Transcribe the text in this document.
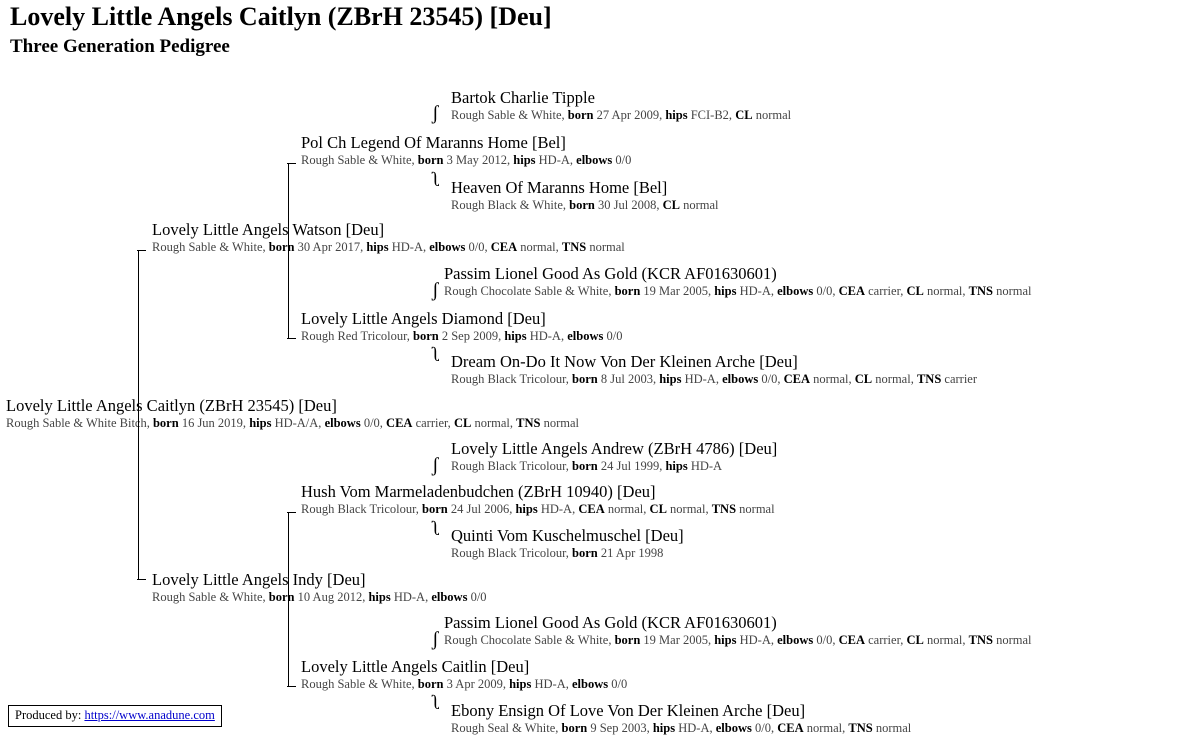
Lovely Little Angels Caitlyn (ZBrH 23545) [Deu]
Three Generation Pedigree
Bartok Charlie Tipple
Rough Sable & White, born 27 Apr 2009, hips FCI-B2, CL normal
Pol Ch Legend Of Maranns Home [Bel]
Rough Sable & White, born 3 May 2012, hips HD-A, elbows 0/0
Heaven Of Maranns Home [Bel]
Rough Black & White, born 30 Jul 2008, CL normal
Lovely Little Angels Watson [Deu]
Rough Sable & White, born 30 Apr 2017, hips HD-A, elbows 0/0, CEA normal, TNS normal
Passim Lionel Good As Gold (KCR AF01630601)
Rough Chocolate Sable & White, born 19 Mar 2005, hips HD-A, elbows 0/0, CEA carrier, CL normal, TNS normal
Lovely Little Angels Diamond [Deu]
Rough Red Tricolour, born 2 Sep 2009, hips HD-A, elbows 0/0
Dream On-Do It Now Von Der Kleinen Arche [Deu]
Rough Black Tricolour, born 8 Jul 2003, hips HD-A, elbows 0/0, CEA normal, CL normal, TNS carrier
Lovely Little Angels Caitlyn (ZBrH 23545) [Deu]
Rough Sable & White Bitch, born 16 Jun 2019, hips HD-A/A, elbows 0/0, CEA carrier, CL normal, TNS normal
Lovely Little Angels Andrew (ZBrH 4786) [Deu]
Rough Black Tricolour, born 24 Jul 1999, hips HD-A
Hush Vom Marmeladenbudchen (ZBrH 10940) [Deu]
Rough Black Tricolour, born 24 Jul 2006, hips HD-A, CEA normal, CL normal, TNS normal
Quinti Vom Kuschelmuschel [Deu]
Rough Black Tricolour, born 21 Apr 1998
Lovely Little Angels Indy [Deu]
Rough Sable & White, born 10 Aug 2012, hips HD-A, elbows 0/0
Passim Lionel Good As Gold (KCR AF01630601)
Rough Chocolate Sable & White, born 19 Mar 2005, hips HD-A, elbows 0/0, CEA carrier, CL normal, TNS normal
Lovely Little Angels Caitlin [Deu]
Rough Sable & White, born 3 Apr 2009, hips HD-A, elbows 0/0
Ebony Ensign Of Love Von Der Kleinen Arche [Deu]
Rough Seal & White, born 9 Sep 2003, hips HD-A, elbows 0/0, CEA normal, TNS normal
ʃ
ʅ
ʃ
ʅ
ʃ
ʅ
ʃ
ʅ
Produced by: https://www.anadune.com
